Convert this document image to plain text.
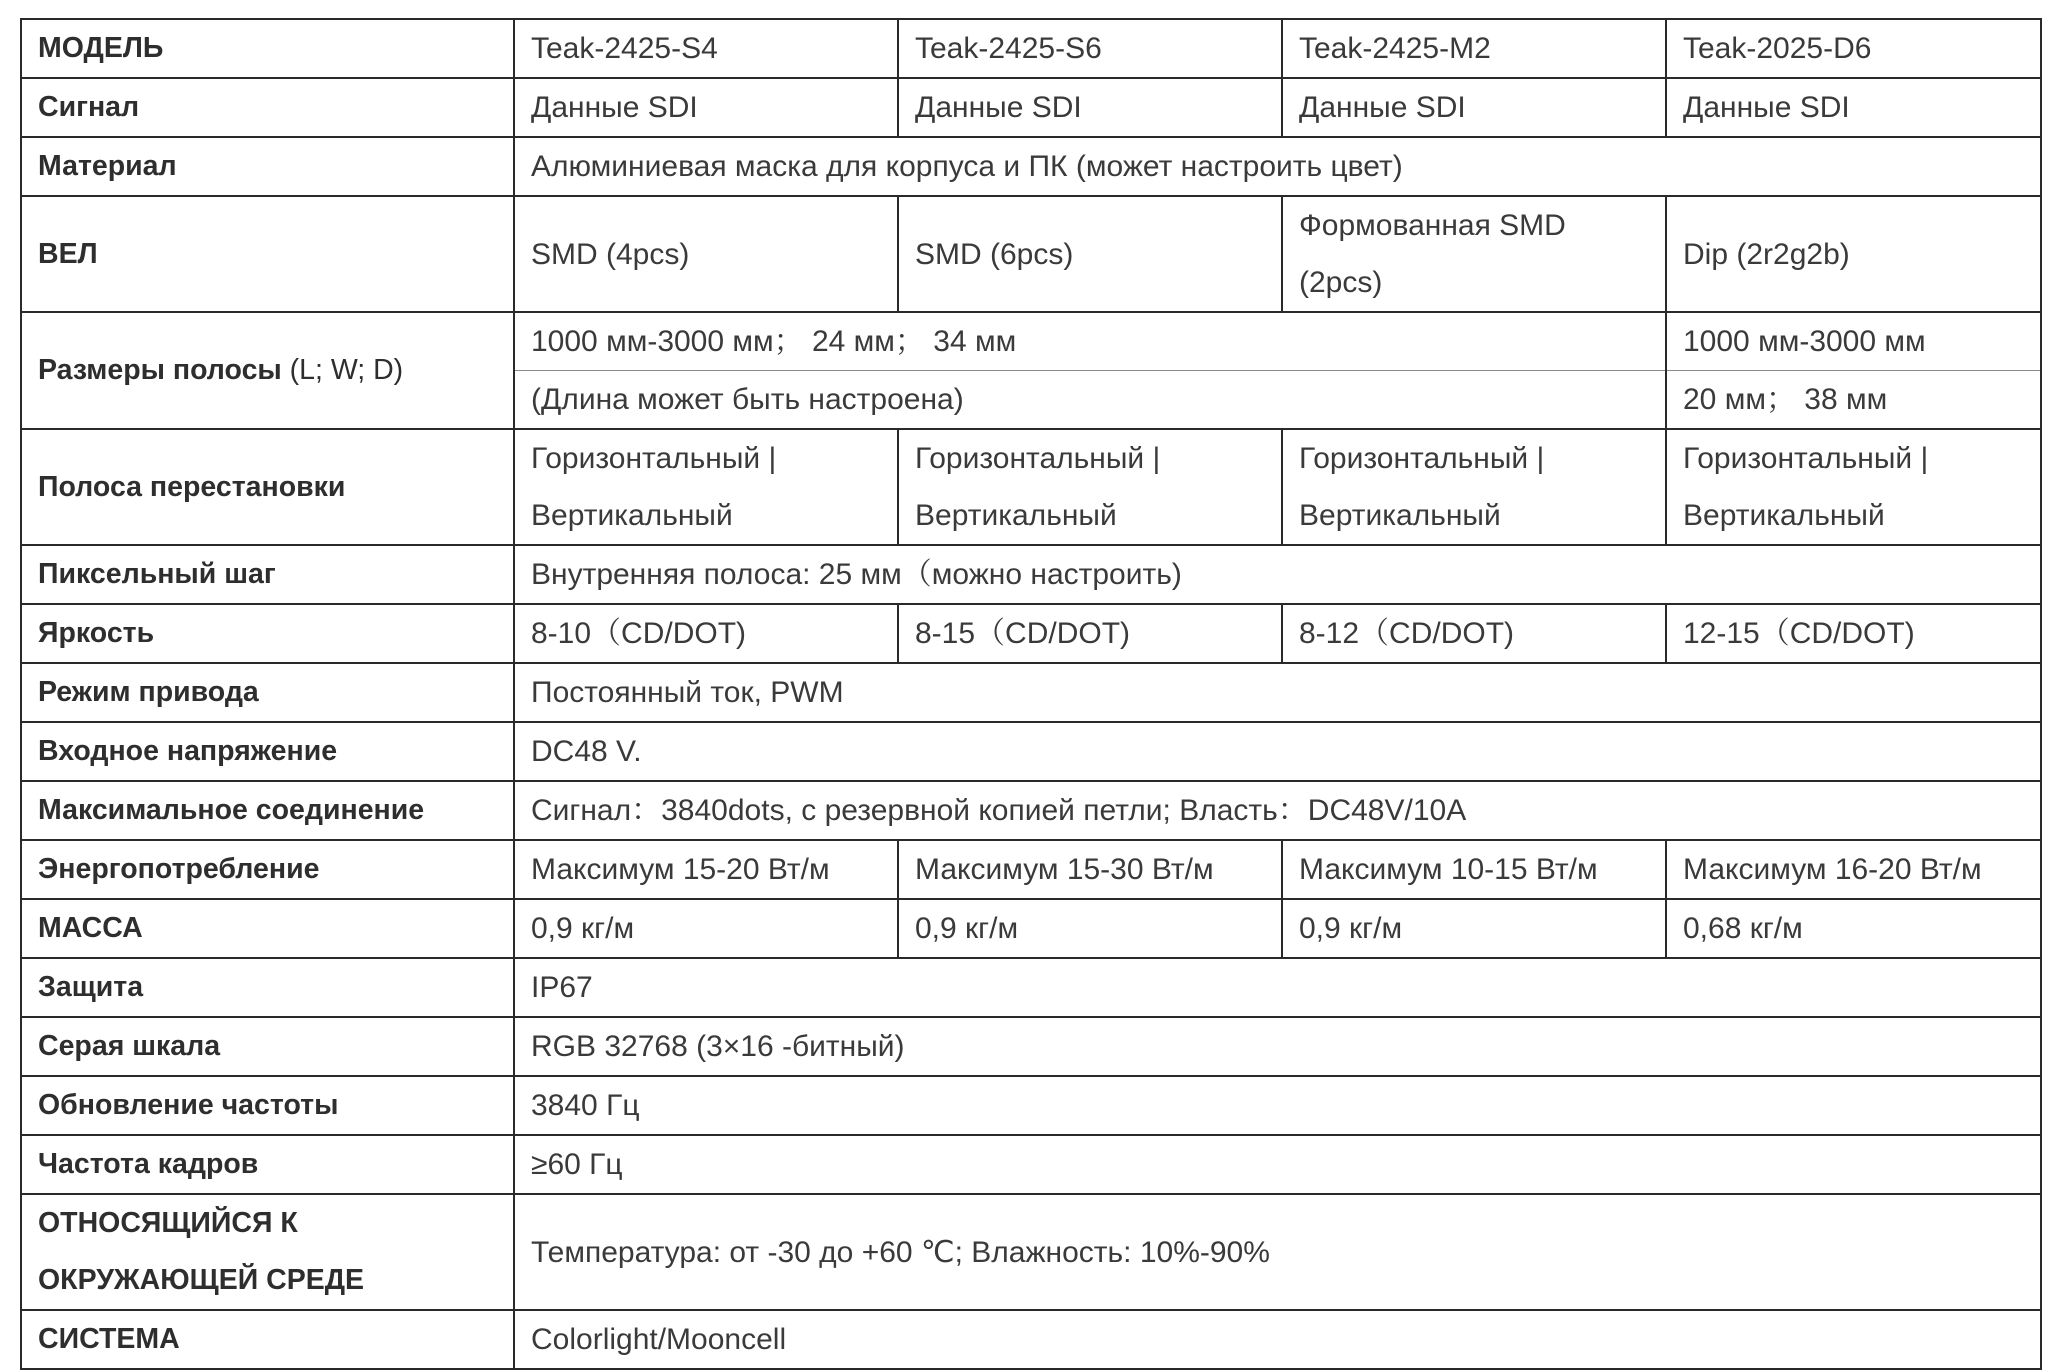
МОДЕЛЬ	Teak-2425-S4	Teak-2425-S6	Teak-2425-M2	Teak-2025-D6
Сигнал	Данные SDI	Данные SDI	Данные SDI	Данные SDI
Материал	Алюминиевая маска для корпуса и ПК (может настроить цвет)			
ВЕЛ	SMD (4pcs)	SMD (6pcs)	Формованная SMD (2pcs)	Dip (2r2g2b)
Размеры полосы (L; W; D)	1000 мм-3000 мм； 24 мм； 34 мм			1000 мм-3000 мм
	(Длина может быть настроена)			20 мм； 38 мм
Полоса перестановки	Горизонтальный | Вертикальный	Горизонтальный | Вертикальный	Горизонтальный | Вертикальный	Горизонтальный | Вертикальный
Пиксельный шаг	Внутренняя полоса: 25 мм（можно настроить)			
Яркость	8-10（CD/DOT)	8-15（CD/DOT)	8-12（CD/DOT)	12-15（CD/DOT)
Режим привода	Постоянный ток, PWM			
Входное напряжение	DC48 V.			
Максимальное соединение	Сигнал：3840dots, с резервной копией петли; Власть：DC48V/10A			
Энергопотребление	Максимум 15-20 Вт/м	Максимум 15-30 Вт/м	Максимум 10-15 Вт/м	Максимум 16-20 Вт/м
МАССА	0,9 кг/м	0,9 кг/м	0,9 кг/м	0,68 кг/м
Защита	IP67			
Серая шкала	RGB 32768 (3×16 -битный)			
Обновление частоты	3840 Гц			
Частота кадров	≥60 Гц			
ОТНОСЯЩИЙСЯ К ОКРУЖАЮЩЕЙ СРЕДЕ	Температура: от -30 до +60 ℃; Влажность: 10%-90%			
СИСТЕМА	Colorlight/Mooncell			
